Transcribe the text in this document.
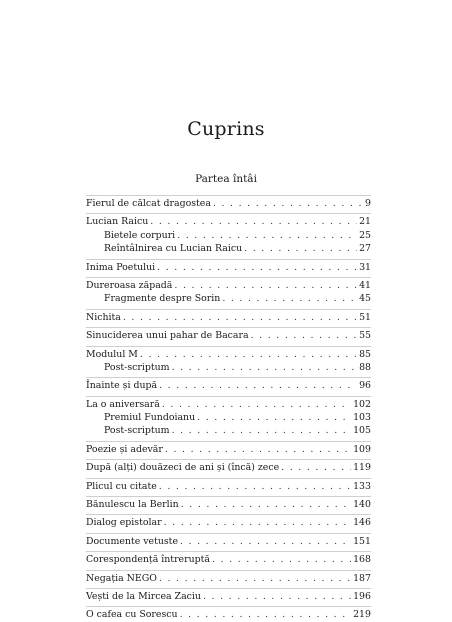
Cuprins
Partea întâi
Fierul de călcat dragostea . . .	9
Lucian Raicu . . .	21
Bietele corpuri . . .	25
Reîntâlnirea cu Lucian Raicu . . .	27
Inima Poetului . . .	31
Dureroasa zăpadă . . .	41
Fragmente despre Sorin . . .	45
Nichita . . .	51
Sinuciderea unui pahar de Bacara . . .	55
Modulul M . . .	85
Post-scriptum . . .	88
Înainte și după . . .	96
La o aniversară . . .	102
Premiul Fundoianu . . .	103
Post-scriptum . . .	105
Poezie și adevăr . . .	109
După (alți) douăzeci de ani și (încă) zece . . .	119
Plicul cu citate . . .	133
Bănulescu la Berlin . . .	140
Dialog epistolar . . .	146
Documente vetuste . . .	151
Corespondență întreruptă . . .	168
Negația NEGO . . .	187
Vești de la Mircea Zaciu . . .	196
O cafea cu Sorescu . . .	219
